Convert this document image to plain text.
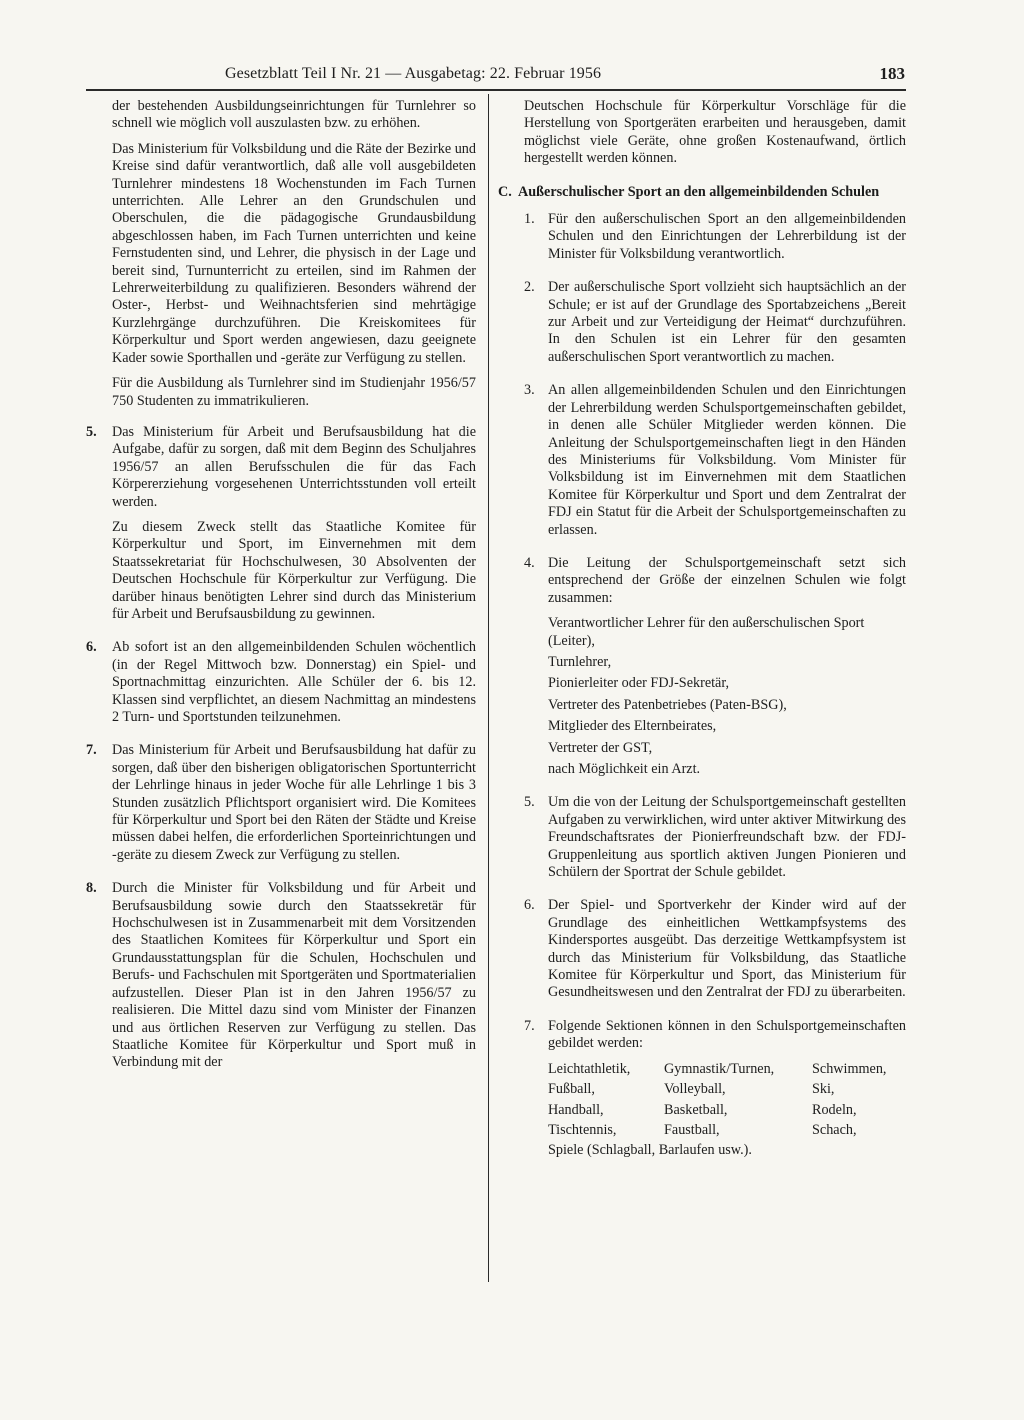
Gesetzblatt Teil I Nr. 21 — Ausgabetag: 22. Februar 1956	183

der bestehenden Ausbildungseinrichtungen für Turnlehrer so schnell wie möglich voll auszulasten bzw. zu erhöhen.

Das Ministerium für Volksbildung und die Räte der Bezirke und Kreise sind dafür verantwortlich, daß alle voll ausgebildeten Turnlehrer mindestens 18 Wochenstunden im Fach Turnen unterrichten. Alle Lehrer an den Grundschulen und Oberschulen, die die pädagogische Grundausbildung abgeschlossen haben, im Fach Turnen unterrichten und keine Fernstudenten sind, und Lehrer, die physisch in der Lage und bereit sind, Turnunterricht zu erteilen, sind im Rahmen der Lehrerweiterbildung zu qualifizieren. Besonders während der Oster-, Herbst- und Weihnachtsferien sind mehrtägige Kurzlehrgänge durchzuführen. Die Kreiskomitees für Körperkultur und Sport werden angewiesen, dazu geeignete Kader sowie Sporthallen und -geräte zur Verfügung zu stellen.

Für die Ausbildung als Turnlehrer sind im Studienjahr 1956/57 750 Studenten zu immatrikulieren.

5. Das Ministerium für Arbeit und Berufsausbildung hat die Aufgabe, dafür zu sorgen, daß mit dem Beginn des Schuljahres 1956/57 an allen Berufsschulen die für das Fach Körpererziehung vorgesehenen Unterrichtsstunden voll erteilt werden.

Zu diesem Zweck stellt das Staatliche Komitee für Körperkultur und Sport, im Einvernehmen mit dem Staatssekretariat für Hochschulwesen, 30 Absolventen der Deutschen Hochschule für Körperkultur zur Verfügung. Die darüber hinaus benötigten Lehrer sind durch das Ministerium für Arbeit und Berufsausbildung zu gewinnen.

6. Ab sofort ist an den allgemeinbildenden Schulen wöchentlich (in der Regel Mittwoch bzw. Donnerstag) ein Spiel- und Sportnachmittag einzurichten. Alle Schüler der 6. bis 12. Klassen sind verpflichtet, an diesem Nachmittag an mindestens 2 Turn- und Sportstunden teilzunehmen.

7. Das Ministerium für Arbeit und Berufsausbildung hat dafür zu sorgen, daß über den bisherigen obligatorischen Sportunterricht der Lehrlinge hinaus in jeder Woche für alle Lehrlinge 1 bis 3 Stunden zusätzlich Pflichtsport organisiert wird. Die Komitees für Körperkultur und Sport bei den Räten der Städte und Kreise müssen dabei helfen, die erforderlichen Sporteinrichtungen und -geräte zu diesem Zweck zur Verfügung zu stellen.

8. Durch die Minister für Volksbildung und für Arbeit und Berufsausbildung sowie durch den Staatssekretär für Hochschulwesen ist in Zusammenarbeit mit dem Vorsitzenden des Staatlichen Komitees für Körperkultur und Sport ein Grundausstattungsplan für die Schulen, Hochschulen und Berufs- und Fachschulen mit Sportgeräten und Sportmaterialien aufzustellen. Dieser Plan ist in den Jahren 1956/57 zu realisieren. Die Mittel dazu sind vom Minister der Finanzen und aus örtlichen Reserven zur Verfügung zu stellen. Das Staatliche Komitee für Körperkultur und Sport muß in Verbindung mit der

Deutschen Hochschule für Körperkultur Vorschläge für die Herstellung von Sportgeräten erarbeiten und herausgeben, damit möglichst viele Geräte, ohne großen Kostenaufwand, örtlich hergestellt werden können.

C. Außerschulischer Sport an den allgemeinbildenden Schulen
1. Für den außerschulischen Sport an den allgemeinbildenden Schulen und den Einrichtungen der Lehrerbildung ist der Minister für Volksbildung verantwortlich.

2. Der außerschulische Sport vollzieht sich hauptsächlich an der Schule; er ist auf der Grundlage des Sportabzeichens „Bereit zur Arbeit und zur Verteidigung der Heimat“ durchzuführen. In den Schulen ist ein Lehrer für den gesamten außerschulischen Sport verantwortlich zu machen.

3. An allen allgemeinbildenden Schulen und den Einrichtungen der Lehrerbildung werden Schulsportgemeinschaften gebildet, in denen alle Schüler Mitglieder werden können. Die Anleitung der Schulsportgemeinschaften liegt in den Händen des Ministeriums für Volksbildung. Vom Minister für Volksbildung ist im Einvernehmen mit dem Staatlichen Komitee für Körperkultur und Sport und dem Zentralrat der FDJ ein Statut für die Arbeit der Schulsportgemeinschaften zu erlassen.

4. Die Leitung der Schulsportgemeinschaft setzt sich entsprechend der Größe der einzelnen Schulen wie folgt zusammen:

Verantwortlicher Lehrer für den außerschulischen Sport (Leiter),
Turnlehrer,
Pionierleiter oder FDJ-Sekretär,
Vertreter des Patenbetriebes (Paten-BSG),
Mitglieder des Elternbeirates,
Vertreter der GST,
nach Möglichkeit ein Arzt.
5. Um die von der Leitung der Schulsportgemeinschaft gestellten Aufgaben zu verwirklichen, wird unter aktiver Mitwirkung des Freundschaftsrates der Pionierfreundschaft bzw. der FDJ-Gruppenleitung aus sportlich aktiven Jungen Pionieren und Schülern der Sportrat der Schule gebildet.

6. Der Spiel- und Sportverkehr der Kinder wird auf der Grundlage des einheitlichen Wettkampfsystems des Kindersportes ausgeübt. Das derzeitige Wettkampfsystem ist durch das Ministerium für Volksbildung, das Staatliche Komitee für Körperkultur und Sport, das Ministerium für Gesundheitswesen und den Zentralrat der FDJ zu überarbeiten.

7. Folgende Sektionen können in den Schulsportgemeinschaften gebildet werden:

Leichtathletik,	Gymnastik/Turnen,	Schwimmen,
Fußball,	Volleyball,	Ski,
Handball,	Basketball,	Rodeln,
Tischtennis,	Faustball,	Schach,
Spiele (Schlagball, Barlaufen usw.).
